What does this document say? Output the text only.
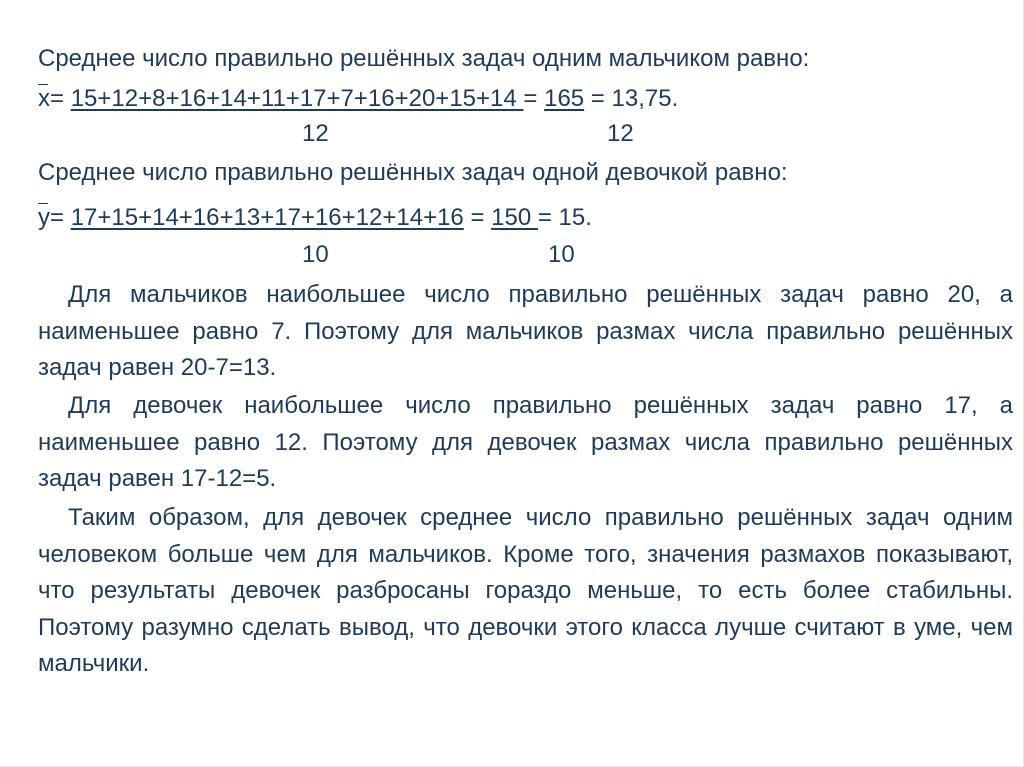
Среднее число правильно решённых задач одним мальчиком равно:
x= 15+12+8+16+14+11+17+7+16+20+15+14 = 165 = 13,75.
12	12
Среднее число правильно решённых задач одной девочкой равно:
y= 17+15+14+16+13+17+16+12+14+16 = 150 = 15.
10	10
Для мальчиков наибольшее число правильно решённых задач равно 20, а наименьшее равно 7. Поэтому для мальчиков размах числа правильно решённых задач равен 20-7=13.
Для девочек наибольшее число правильно решённых задач равно 17, а наименьшее равно 12. Поэтому для девочек размах числа правильно решённых задач равен 17-12=5.
Таким образом, для девочек среднее число правильно решённых задач одним человеком больше чем для мальчиков. Кроме того, значения размахов показывают, что результаты девочек разбросаны гораздо меньше, то есть более стабильны. Поэтому разумно сделать вывод, что девочки этого класса лучше считают в уме, чем мальчики.
